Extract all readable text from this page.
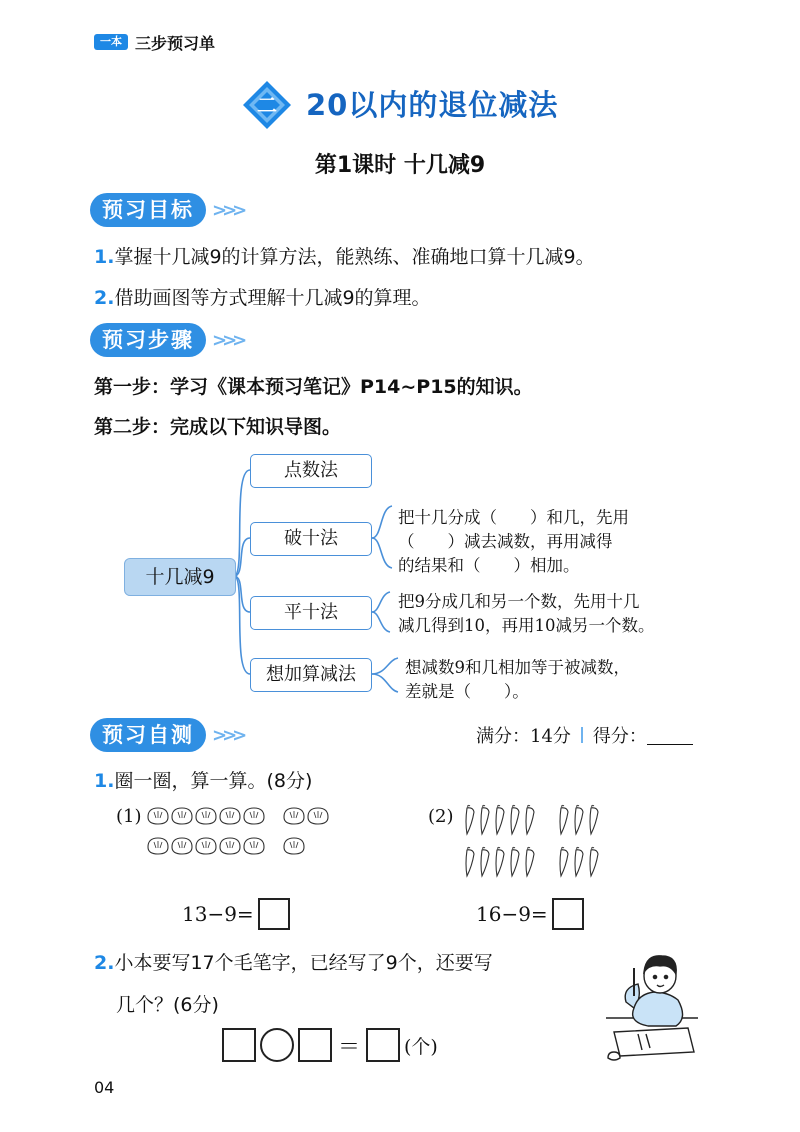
一本 三步预习单
二 20以内的退位减法
第1课时 十几减9
预习目标	>>>
1.掌握十几减9的计算方法，能熟练、准确地口算十几减9。
2.借助画图等方式理解十几减9的算理。
预习步骤	>>>
第一步：学习《课本预习笔记》P14~P15的知识。
第二步：完成以下知识导图。
十几减9
点数法
破十法
平十法
想加算减法
把十几分成（　　）和几，先用
（　　）减去减数，再用减得
的结果和（　　）相加。
把9分成几和另一个数，先用十几
减几得到10，再用10减另一个数。
想减数9和几相加等于被减数，
差就是（　　）。
预习自测	>>>	满分：14分 得分：
1.圈一圈，算一算。(8分)
(1)	(2)
13−9=	16−9=
2.小本要写17个毛笔字，已经写了9个，还要写
几个？(6分)
＝ (个)
04
